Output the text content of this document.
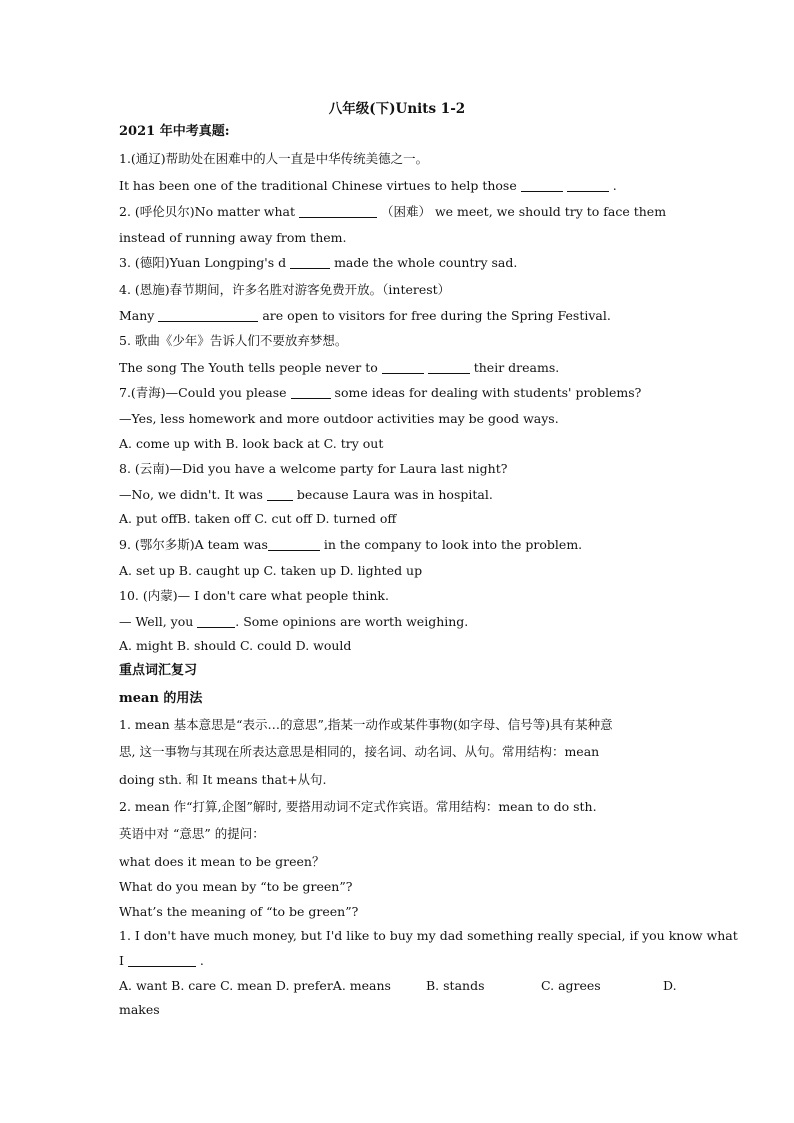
八年级(下)Units 1-2
2021 年中考真题:
1.(通辽)帮助处在困难中的人一直是中华传统美德之一。
It has been one of the traditional Chinese virtues to help those	.
2. (呼伦贝尔)No matter what	（困难） we meet, we should try to face them
instead of running away from them.
3. (德阳)Yuan Longping's d	made the whole country sad.
4. (恩施)春节期间，许多名胜对游客免费开放。（interest）
Many	are open to visitors for free during the Spring Festival.
5. 歌曲《少年》告诉人们不要放弃梦想。
The song The Youth tells people never to	their dreams.
7.(青海)—Could you please	some ideas for dealing with students' problems?
—Yes, less homework and more outdoor activities may be good ways.
A. come up with B. look back at C. try out
8. (云南)—Did you have a welcome party for Laura last night?
—No, we didn't. It was	because Laura was in hospital.
A. put offB. taken off C. cut off D. turned off
9. (鄂尔多斯)A team was	in the company to look into the problem.
A. set up B. caught up C. taken up D. lighted up
10. (内蒙)— I don't care what people think.
— Well, you	. Some opinions are worth weighing.
A. might B. should C. could D. would
重点词汇复习
mean 的用法
1. mean 基本意思是“表示…的意思”,指某一动作或某件事物(如字母、信号等)具有某种意
思, 这一事物与其现在所表达意思是相同的，接名词、动名词、从句。常用结构：mean
doing sth. 和 It means that+从句.
2. mean 作“打算,企图”解时, 要搭用动词不定式作宾语。常用结构：mean to do sth.
英语中对 “意思” 的提问：
what does it mean to be green？
What do you mean by “to be green”?
What’s the meaning of “to be green”?
1. I don't have much money, but I'd like to buy my dad something really special, if you know what
I	.
A. want B. care C. mean D. preferA. means	B. stands	C. agrees	D.
makes
